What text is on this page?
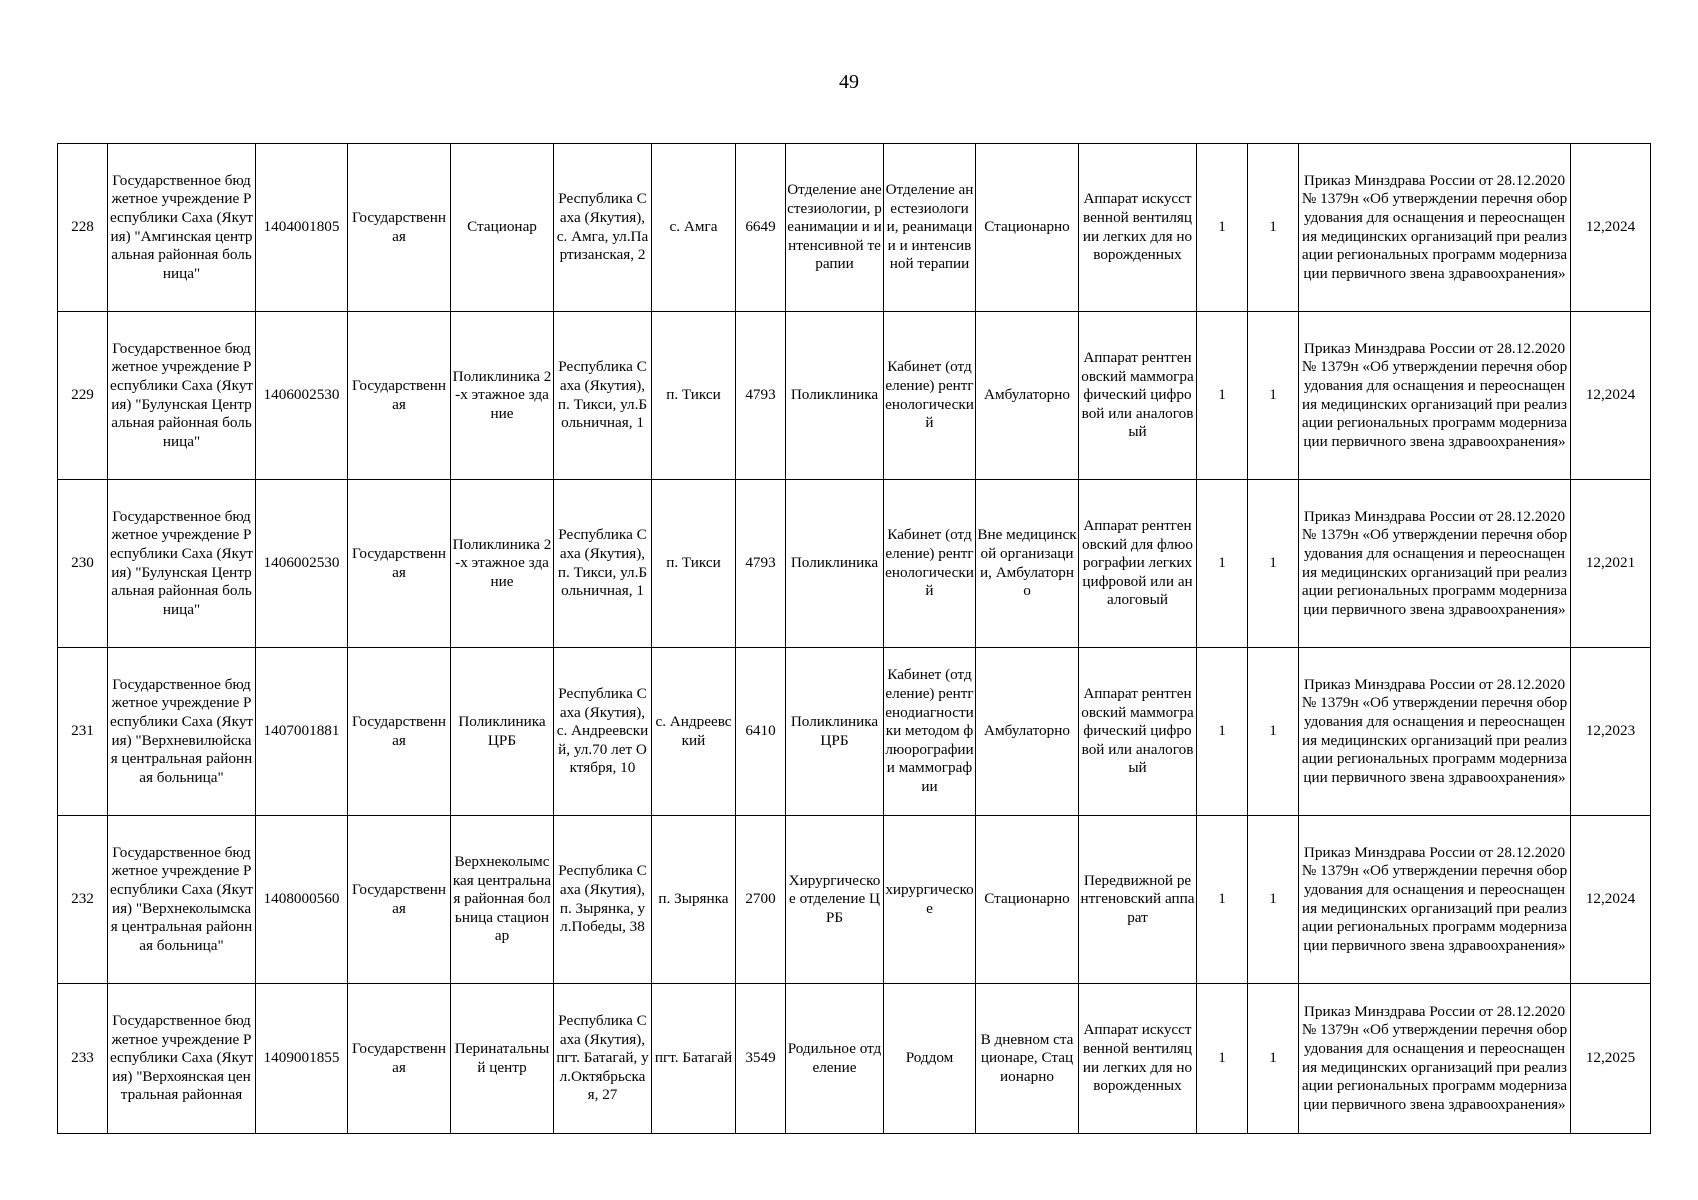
49
228	Государственное бюджетное учреждение Республики Саха (Якутия) "Амгинская центральная районная больница"	1404001805	Государственная	Стационар	Республика Саха (Якутия), с. Амга, ул.Партизанская, 2	с. Амга	6649	Отделение анестезиологии, реанимации и интенсивной терапии	Отделение анестезиологии, реанимации и интенсивной терапии	Стационарно	Аппарат искусственной вентиляции легких для новорожденных	1	1	Приказ Минздрава России от 28.12.2020 № 1379н «Об утверждении перечня оборудования для оснащения и переоснащения медицинских организаций при реализации региональных программ модернизации первичного звена здравоохранения»	12,2024
229	Государственное бюджетное учреждение Республики Саха (Якутия) "Булунская Центральная районная больница"	1406002530	Государственная	Поликлиника 2-х этажное здание	Республика Саха (Якутия), п. Тикси, ул.Больничная, 1	п. Тикси	4793	Поликлиника	Кабинет (отделение) рентгенологический	Амбулаторно	Аппарат рентгеновский маммографический цифровой или аналоговый	1	1	Приказ Минздрава России от 28.12.2020 № 1379н «Об утверждении перечня оборудования для оснащения и переоснащения медицинских организаций при реализации региональных программ модернизации первичного звена здравоохранения»	12,2024
230	Государственное бюджетное учреждение Республики Саха (Якутия) "Булунская Центральная районная больница"	1406002530	Государственная	Поликлиника 2-х этажное здание	Республика Саха (Якутия), п. Тикси, ул.Больничная, 1	п. Тикси	4793	Поликлиника	Кабинет (отделение) рентгенологический	Вне медицинской организации, Амбулаторно	Аппарат рентгеновский для флюорографии легких цифровой или аналоговый	1	1	Приказ Минздрава России от 28.12.2020 № 1379н «Об утверждении перечня оборудования для оснащения и переоснащения медицинских организаций при реализации региональных программ модернизации первичного звена здравоохранения»	12,2021
231	Государственное бюджетное учреждение Республики Саха (Якутия) "Верхневилюйская центральная районная больница"	1407001881	Государственная	Поликлиника ЦРБ	Республика Саха (Якутия), с. Андреевский, ул.70 лет Октября, 10	с. Андреевский	6410	Поликлиника ЦРБ	Кабинет (отделение) рентгенодиагностики методом флюорографии и маммографии	Амбулаторно	Аппарат рентгеновский маммографический цифровой или аналоговый	1	1	Приказ Минздрава России от 28.12.2020 № 1379н «Об утверждении перечня оборудования для оснащения и переоснащения медицинских организаций при реализации региональных программ модернизации первичного звена здравоохранения»	12,2023
232	Государственное бюджетное учреждение Республики Саха (Якутия) "Верхнеколымская центральная районная больница"	1408000560	Государственная	Верхнеколымская центральная районная больница стационар	Республика Саха (Якутия), п. Зырянка, ул.Победы, 38	п. Зырянка	2700	Хирургическое отделение ЦРБ	хирургическое	Стационарно	Передвижной рентгеновский аппарат	1	1	Приказ Минздрава России от 28.12.2020 № 1379н «Об утверждении перечня оборудования для оснащения и переоснащения медицинских организаций при реализации региональных программ модернизации первичного звена здравоохранения»	12,2024
233	Государственное бюджетное учреждение Республики Саха (Якутия) "Верхоянская центральная районная	1409001855	Государственная	Перинатальный центр	Республика Саха (Якутия), пгт. Батагай, ул.Октябрьская, 27	пгт. Батагай	3549	Родильное отделение	Роддом	В дневном стационаре, Стационарно	Аппарат искусственной вентиляции легких для новорожденных	1	1	Приказ Минздрава России от 28.12.2020 № 1379н «Об утверждении перечня оборудования для оснащения и переоснащения медицинских организаций при реализации региональных программ модернизации первичного звена здравоохранения»	12,2025
